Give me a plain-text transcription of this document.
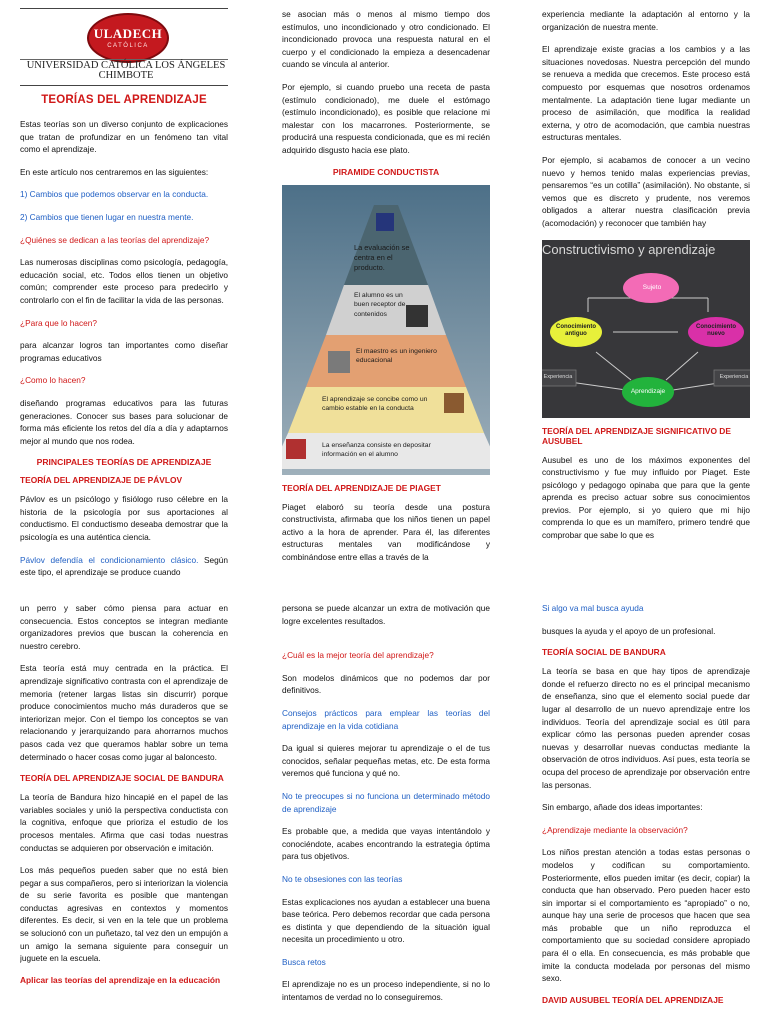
ULADECH
CATÓLICA
UNIVERSIDAD CATÓLICA LOS ÁNGELES
CHIMBOTE
TEORÍAS DEL APRENDIZAJE

Estas teorías son un diverso conjunto de explicaciones que tratan de profundizar en un fenómeno tan vital como el aprendizaje.

En este artículo nos centraremos en las siguientes:

1) Cambios que podemos observar en la conducta.

2) Cambios que tienen lugar en nuestra mente.

¿Quiénes se dedican a las teorías del aprendizaje?

Las numerosas disciplinas como psicología, pedagogía, educación social, etc. Todos ellos tienen un objetivo común; comprender este proceso para predecirlo y controlarlo con el fin de facilitar la vida de las personas.

¿Para que lo hacen?

para alcanzar logros tan importantes como diseñar programas educativos

¿Como lo hacen?

diseñando programas educativos para las futuras generaciones. Conocer sus bases para solucionar de forma más eficiente los retos del día a día y adaptarnos mejor al mundo que nos rodea.

PRINCIPALES TEORÍAS DE APRENDIZAJE
TEORÍA DEL APRENDIZAJE DE PÁVLOV

Pávlov es un psicólogo y fisiólogo ruso célebre en la historia de la psicología por sus aportaciones al conductismo. El conductismo deseaba demostrar que la psicología es una auténtica ciencia.

Pávlov defendía el condicionamiento clásico. Según este tipo, el aprendizaje se produce cuando

se asocian más o menos al mismo tiempo dos estímulos, uno incondicionado y otro condicionado. El incondicionado provoca una respuesta natural en el cuerpo y el condicionado la empieza a desencadenar cuando se vincula al anterior.

Por ejemplo, si cuando pruebo una receta de pasta (estímulo condicionado), me duele el estómago (estímulo incondicionado), es posible que relacione mi malestar con los macarrones. Posteriormente, se producirá una respuesta condicionada, que es mi recién adquirido disgusto hacia ese plato.

PIRAMIDE CONDUCTISTA
La evaluación se centra en el producto.
El alumno es un buen receptor de contenidos
El maestro es un ingeniero educacional
El aprendizaje se concibe como un cambio estable en la conducta
La enseñanza consiste en depositar información en el alumno
TEORÍA DEL APRENDIZAJE DE PIAGET

Piaget elaboró su teoría desde una postura constructivista, afirmaba que los niños tienen un papel activo a la hora de aprender. Para él, las diferentes estructuras mentales van modificándose y combinándose entre ellas a través de la

experiencia mediante la adaptación al entorno y la organización de nuestra mente.

El aprendizaje existe gracias a los cambios y a las situaciones novedosas. Nuestra percepción del mundo se renueva a medida que crecemos. Este proceso está compuesto por esquemas que nosotros ordenamos mentalmente. La adaptación tiene lugar mediante un proceso de asimilación, que modifica la realidad externa, y otro de acomodación, que cambia nuestras estructuras mentales.

Por ejemplo, si acabamos de conocer a un vecino nuevo y hemos tenido malas experiencias previas, pensaremos “es un cotilla” (asimilación). No obstante, si vemos que es discreto y prudente, nos veremos obligados a alterar nuestra clasificación previa (acomodación) y reconocer que también hay

Constructivismo y aprendizaje
Sujeto
Conocimiento antiguo
Conocimiento nuevo
Aprendizaje
Experiencia	Experiencia
TEORÍA DEL APRENDIZAJE SIGNIFICATIVO DE AUSUBEL

Ausubel es uno de los máximos exponentes del constructivismo y fue muy influido por Piaget. Este psicólogo y pedagogo opinaba que para que la gente aprenda es preciso actuar sobre sus conocimientos previos. Por ejemplo, si yo quiero que mi hijo comprenda lo que es un mamífero, primero tendré que comprobar que sabe lo que es

un perro y saber cómo piensa para actuar en consecuencia. Estos conceptos se integran mediante organizadores previos que buscan la coherencia en nuestro cerebro.

Esta teoría está muy centrada en la práctica. El aprendizaje significativo contrasta con el aprendizaje de memoria (retener largas listas sin discurrir) porque produce conocimientos mucho más duraderos que se interiorizan mejor. Con el tiempo los conceptos se van relacionando y jerarquizando para ahorrarnos muchos pasos cada vez que queramos hablar sobre un tema determinado o hacer cosas como jugar al baloncesto.

TEORÍA DEL APRENDIZAJE SOCIAL DE BANDURA

La teoría de Bandura hizo hincapié en el papel de las variables sociales y unió la perspectiva conductista con la cognitiva, enfoque que prioriza el estudio de los procesos mentales. Afirma que casi todas nuestras conductas se adquieren por observación e imitación.

Los más pequeños pueden saber que no está bien pegar a sus compañeros, pero si interiorizan la violencia de su serie favorita es posible que mantengan conductas agresivas en contextos y momentos diferentes. Es decir, si ven en la tele que un problema se solucionó con un puñetazo, tal vez den un empujón a un amigo la semana siguiente para conseguir un juguete en la escuela.

Aplicar las teorías del aprendizaje en la educación

persona se puede alcanzar un extra de motivación que logre excelentes resultados.

¿Cuál es la mejor teoría del aprendizaje?

Son modelos dinámicos que no podemos dar por definitivos.

Consejos prácticos para emplear las teorías del aprendizaje en la vida cotidiana

Da igual si quieres mejorar tu aprendizaje o el de tus conocidos, señalar pequeñas metas, etc. De esta forma veremos qué funciona y qué no.

No te preocupes si no funciona un determinado método de aprendizaje

Es probable que, a medida que vayas intentándolo y conociéndote, acabes encontrando la estrategia óptima para tus objetivos.

No te obsesiones con las teorías

Estas explicaciones nos ayudan a establecer una buena base teórica. Pero debemos recordar que cada persona es distinta y que dependiendo de la situación igual necesita un procedimiento u otro.

Busca retos

El aprendizaje no es un proceso independiente, si no lo intentamos de verdad no lo conseguiremos.

Si algo va mal busca ayuda

busques la ayuda y el apoyo de un profesional.

TEORÍA SOCIAL DE BANDURA

La teoría se basa en que hay tipos de aprendizaje donde el refuerzo directo no es el principal mecanismo de enseñanza, sino que el elemento social puede dar lugar al desarrollo de un nuevo aprendizaje entre los individuos. Teoría del aprendizaje social es útil para explicar cómo las personas pueden aprender cosas nuevas y desarrollar nuevas conductas mediante la observación de otros individuos. Así pues, esta teoría se ocupa del proceso de aprendizaje por observación entre las personas.

Sin embargo, añade dos ideas importantes:

¿Aprendizaje mediante la observación?

Los niños prestan atención a todas estas personas o modelos y codifican su comportamiento. Posteriormente, ellos pueden imitar (es decir, copiar) la conducta que han observado. Pero pueden hacer esto sin importar si el comportamiento es “apropiado” o no, aunque hay una serie de procesos que hacen que sea más probable que un niño reproduzca el comportamiento que su sociedad considere apropiado para él o ella. En consecuencia, es más probable que imite la conducta modelada por personas del mismo sexo.

DAVID AUSUBEL TEORÍA DEL APRENDIZAJE
